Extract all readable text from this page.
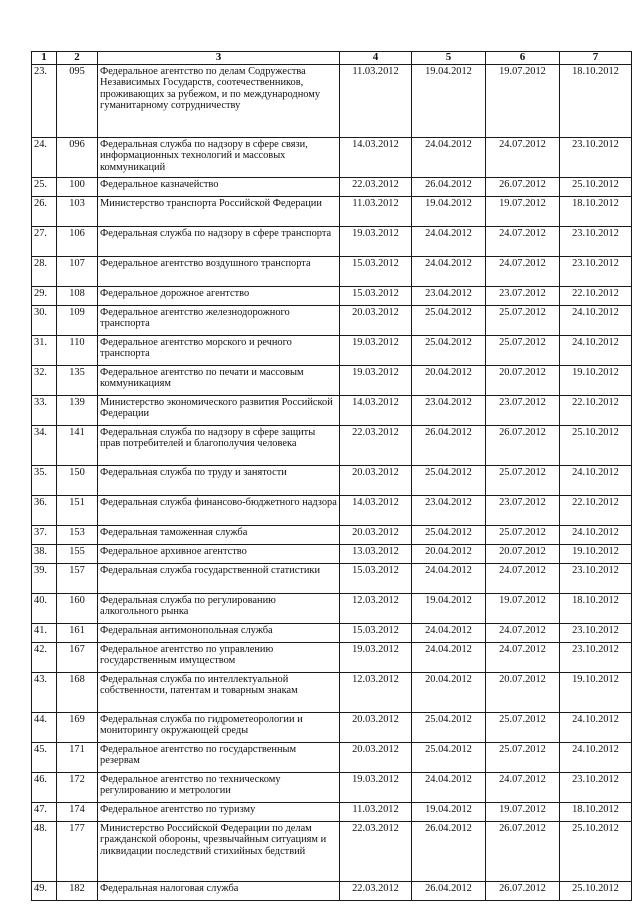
1	2	3	4	5	6	7
23.	095	Федеральное агентство по делам Содружества Независимых Государств, соотечественников, проживающих за рубежом, и по международному гуманитарному сотрудничеству	11.03.2012	19.04.2012	19.07.2012	18.10.2012
24.	096	Федеральная служба по надзору в сфере связи, информационных технологий и массовых коммуникаций	14.03.2012	24.04.2012	24.07.2012	23.10.2012
25.	100	Федеральное казначейство	22.03.2012	26.04.2012	26.07.2012	25.10.2012
26.	103	Министерство транспорта Российской Федерации	11.03.2012	19.04.2012	19.07.2012	18.10.2012
27.	106	Федеральная служба по надзору в сфере транспорта	19.03.2012	24.04.2012	24.07.2012	23.10.2012
28.	107	Федеральное агентство воздушного транспорта	15.03.2012	24.04.2012	24.07.2012	23.10.2012
29.	108	Федеральное дорожное агентство	15.03.2012	23.04.2012	23.07.2012	22.10.2012
30.	109	Федеральное агентство железнодорожного транспорта	20.03.2012	25.04.2012	25.07.2012	24.10.2012
31.	110	Федеральное агентство морского и речного транспорта	19.03.2012	25.04.2012	25.07.2012	24.10.2012
32.	135	Федеральное агентство по печати и массовым коммуникациям	19.03.2012	20.04.2012	20.07.2012	19.10.2012
33.	139	Министерство экономического развития Российской Федерации	14.03.2012	23.04.2012	23.07.2012	22.10.2012
34.	141	Федеральная служба по надзору в сфере защиты прав потребителей и благополучия человека	22.03.2012	26.04.2012	26.07.2012	25.10.2012
35.	150	Федеральная служба по труду и занятости	20.03.2012	25.04.2012	25.07.2012	24.10.2012
36.	151	Федеральная служба финансово-бюджетного надзора	14.03.2012	23.04.2012	23.07.2012	22.10.2012
37.	153	Федеральная таможенная служба	20.03.2012	25.04.2012	25.07.2012	24.10.2012
38.	155	Федеральное архивное агентство	13.03.2012	20.04.2012	20.07.2012	19.10.2012
39.	157	Федеральная служба государственной статистики	15.03.2012	24.04.2012	24.07.2012	23.10.2012
40.	160	Федеральная служба по регулированию алкогольного рынка	12.03.2012	19.04.2012	19.07.2012	18.10.2012
41.	161	Федеральная антимонопольная служба	15.03.2012	24.04.2012	24.07.2012	23.10.2012
42.	167	Федеральное агентство по управлению государственным имуществом	19.03.2012	24.04.2012	24.07.2012	23.10.2012
43.	168	Федеральная служба по интеллектуальной собственности, патентам и товарным знакам	12.03.2012	20.04.2012	20.07.2012	19.10.2012
44.	169	Федеральная служба по гидрометеорологии и мониторингу окружающей среды	20.03.2012	25.04.2012	25.07.2012	24.10.2012
45.	171	Федеральное агентство по государственным резервам	20.03.2012	25.04.2012	25.07.2012	24.10.2012
46.	172	Федеральное агентство по техническому регулированию и метрологии	19.03.2012	24.04.2012	24.07.2012	23.10.2012
47.	174	Федеральное агентство по туризму	11.03.2012	19.04.2012	19.07.2012	18.10.2012
48.	177	Министерство Российской Федерации по делам гражданской обороны, чрезвычайным ситуациям и ликвидации последствий стихийных бедствий	22.03.2012	26.04.2012	26.07.2012	25.10.2012
49.	182	Федеральная налоговая служба	22.03.2012	26.04.2012	26.07.2012	25.10.2012
